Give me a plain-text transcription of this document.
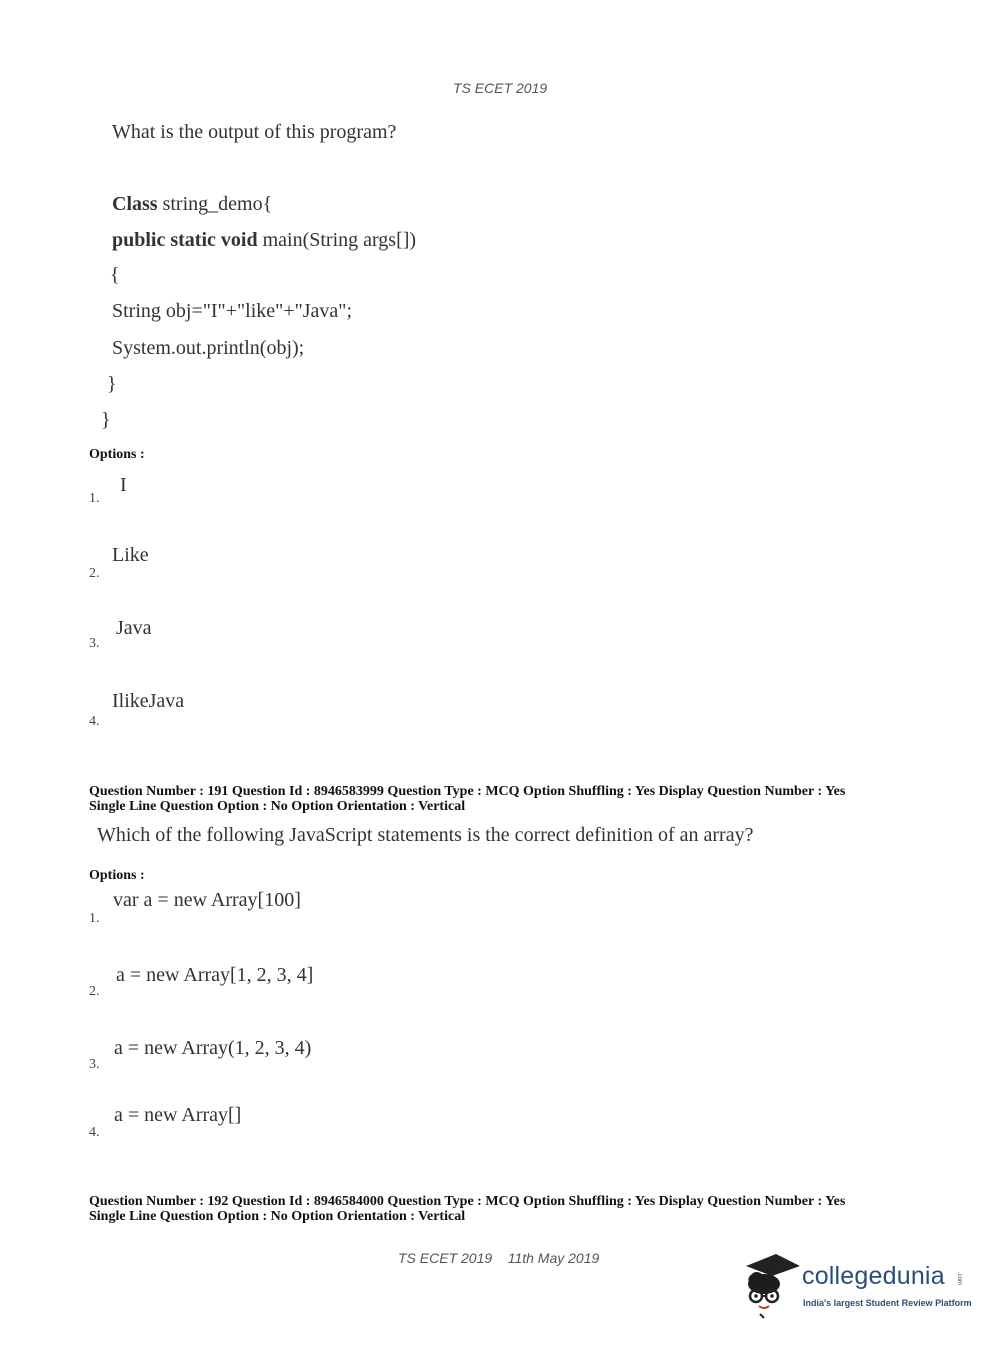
TS ECET 2019
What is the output of this program?
Class string_demo{
public static void main(String args[])
{
String obj="I"+"like"+"Java";
System.out.println(obj);
}
}
Options :
I
1.
Like
2.
Java
3.
IlikeJava
4.
Question Number : 191 Question Id : 8946583999 Question Type : MCQ Option Shuffling : Yes Display Question Number : Yes
Single Line Question Option : No Option Orientation : Vertical
Which of the following JavaScript statements is the correct definition of an array?
Options :
var a = new Array[100]
1.
a = new Array[1, 2, 3, 4]
2.
a = new Array(1, 2, 3, 4)
3.
a = new Array[]
4.
Question Number : 192 Question Id : 8946584000 Question Type : MCQ Option Shuffling : Yes Display Question Number : Yes
Single Line Question Option : No Option Orientation : Vertical
TS ECET 2019    11th May 2019
collegedunia .com
India's largest Student Review Platform
